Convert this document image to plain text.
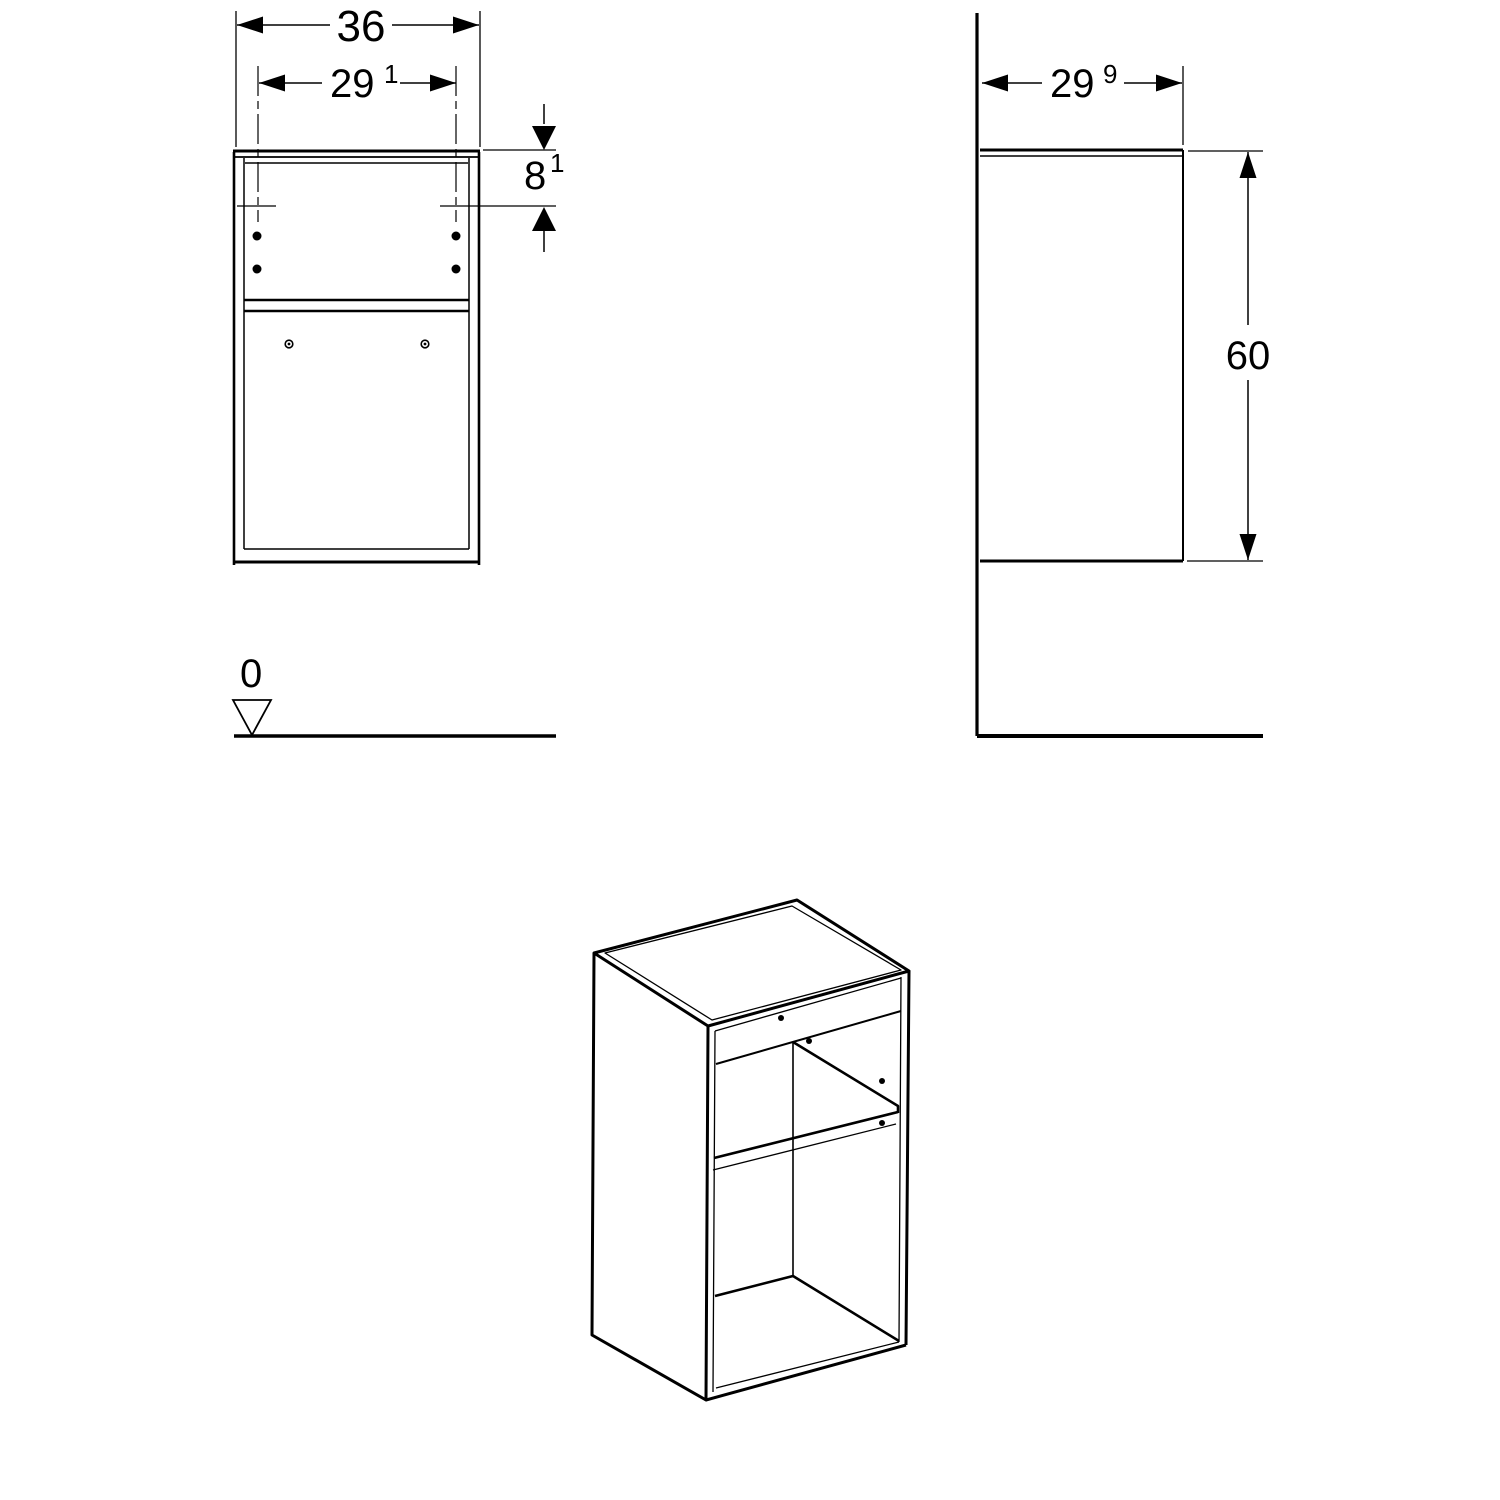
36
29 1
8 1
0
29 9
60
